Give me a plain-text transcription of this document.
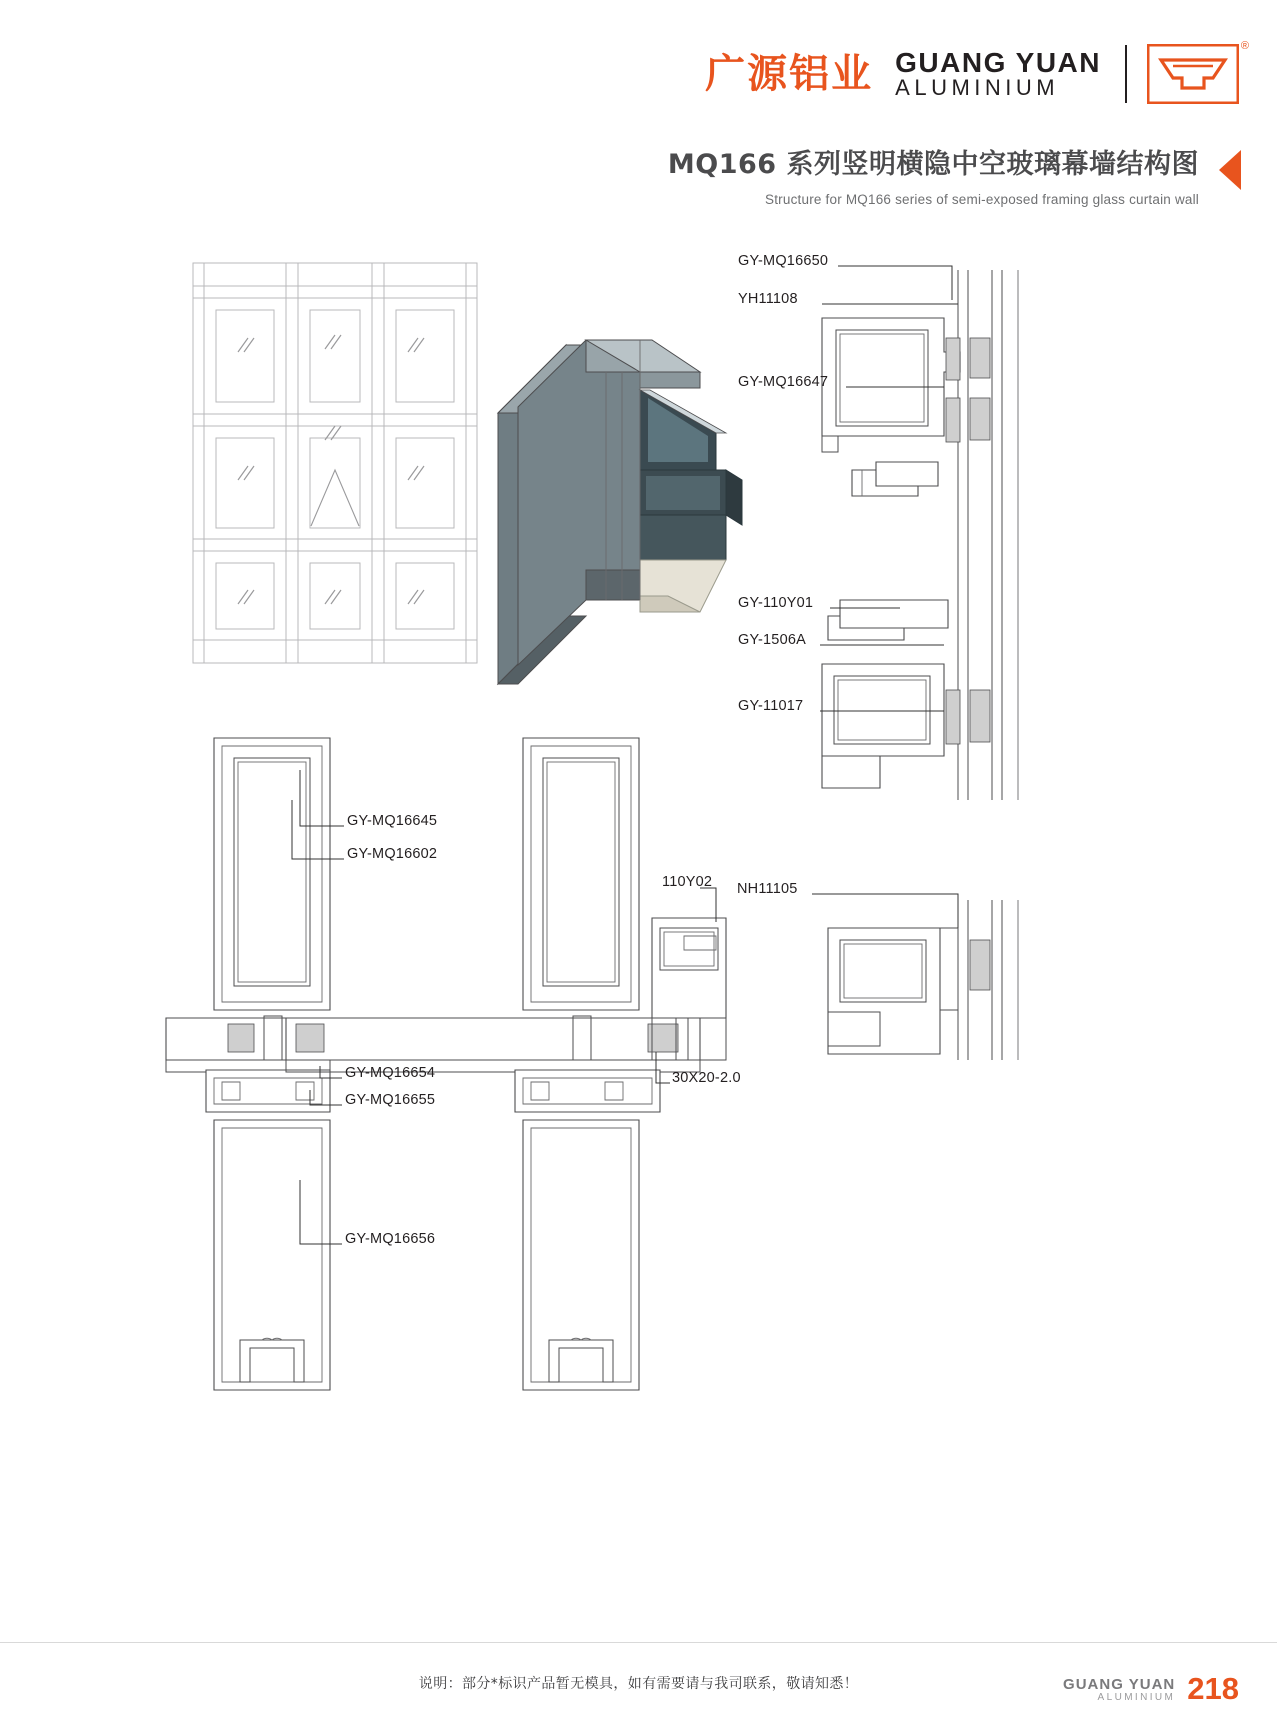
广源铝业 GUANG YUAN
ALUMINIUM
®
MQ166 系列竖明横隐中空玻璃幕墙结构图
Structure for MQ166 series of semi-exposed framing glass curtain wall
GY-MQ16650
YH11108
GY-MQ16647
GY-110Y01
GY-1506A
GY-11017
110Y02 NH11105
GY-MQ16645
GY-MQ16602
GY-MQ16654
GY-MQ16655
30X20-2.0
GY-MQ16656
说明：部分*标识产品暂无模具，如有需要请与我司联系，敬请知悉！	GUANG YUAN
ALUMINIUM 218
